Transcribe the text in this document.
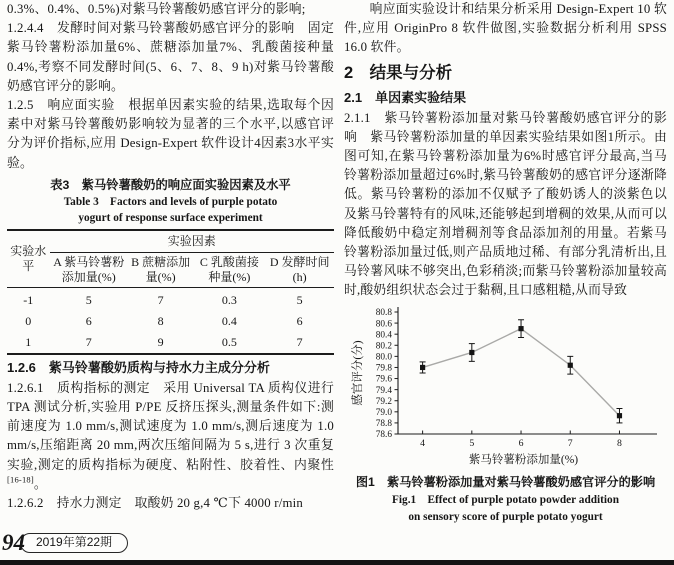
0.3%、0.4%、0.5%)对紫马铃薯酸奶感官评分的影响;

1.2.4.4　发酵时间对紫马铃薯酸奶感官评分的影响　固定紫马铃薯粉添加量6%、蔗糖添加量7%、乳酸菌接种量0.4%,考察不同发酵时间(5、6、7、8、9 h)对紫马铃薯酸奶感官评分的影响。

1.2.5　响应面实验　根据单因素实验的结果,选取每个因素中对紫马铃薯酸奶影响较为显著的三个水平,以感官评分为评价指标,应用 Design-Expert 软件设计4因素3水平实验。

表3　紫马铃薯酸奶的响应面实验因素及水平
Table 3　Factors and levels of purple potato
yogurt of response surface experiment
实验水平	实验因素			
	A 紫马铃薯粉添加量(%)	B 蔗糖添加量(%)	C 乳酸菌接种量(%)	D 发酵时间(h)
-1	5	7	0.3	5
0	6	8	0.4	6
1	7	9	0.5	7

1.2.6　紫马铃薯酸奶质构与持水力主成分分析

1.2.6.1　质构指标的测定　采用 Universal TA 质构仪进行 TPA 测试分析,实验用 P/PE 反挤压探头,测量条件如下:测前速度为 1.0 mm/s,测试速度为 1.0 mm/s,测后速度为 1.0 mm/s,压缩距离 20 mm,两次压缩间隔为 5 s,进行 3 次重复实验,测定的质构指标为硬度、粘附性、胶着性、内聚性[16-18]。

1.2.6.2　持水力测定　取酸奶 20 g,4 ℃下 4000 r/min

响应面实验设计和结果分析采用 Design-Expert 10 软件,应用 OriginPro 8 软件做图,实验数据分析利用 SPSS 16.0 软件。

2　结果与分析
2.1　单因素实验结果

2.1.1　紫马铃薯粉添加量对紫马铃薯酸奶感官评分的影响　紫马铃薯粉添加量的单因素实验结果如图1所示。由图可知,在紫马铃薯粉添加量为6%时感官评分最高,当马铃薯粉添加量超过6%时,紫马铃薯酸奶的感官评分逐渐降低。紫马铃薯粉的添加不仅赋予了酸奶诱人的淡紫色以及紫马铃薯特有的风味,还能够起到增稠的效果,从而可以降低酸奶中稳定剂增稠剂等食品添加剂的用量。若紫马铃薯粉添加量过低,则产品质地过稀、有部分乳清析出,且马铃薯风味不够突出,色彩稍淡;而紫马铃薯粉添加量较高时,酸奶组织状态会过于黏稠,且口感粗糙,从而导致

78.6
78.8
79.0
79.2
79.4
79.6
79.8
80.0
80.2
80.4
80.6
80.8
4	5	6	7	8
紫马铃薯粉添加量(%)
感官评分(分)
图1　紫马铃薯粉添加量对紫马铃薯酸奶感官评分的影响
Fig.1　Effect of purple potato powder addition
on sensory score of purple potato yogurt
94 2019年第22期
